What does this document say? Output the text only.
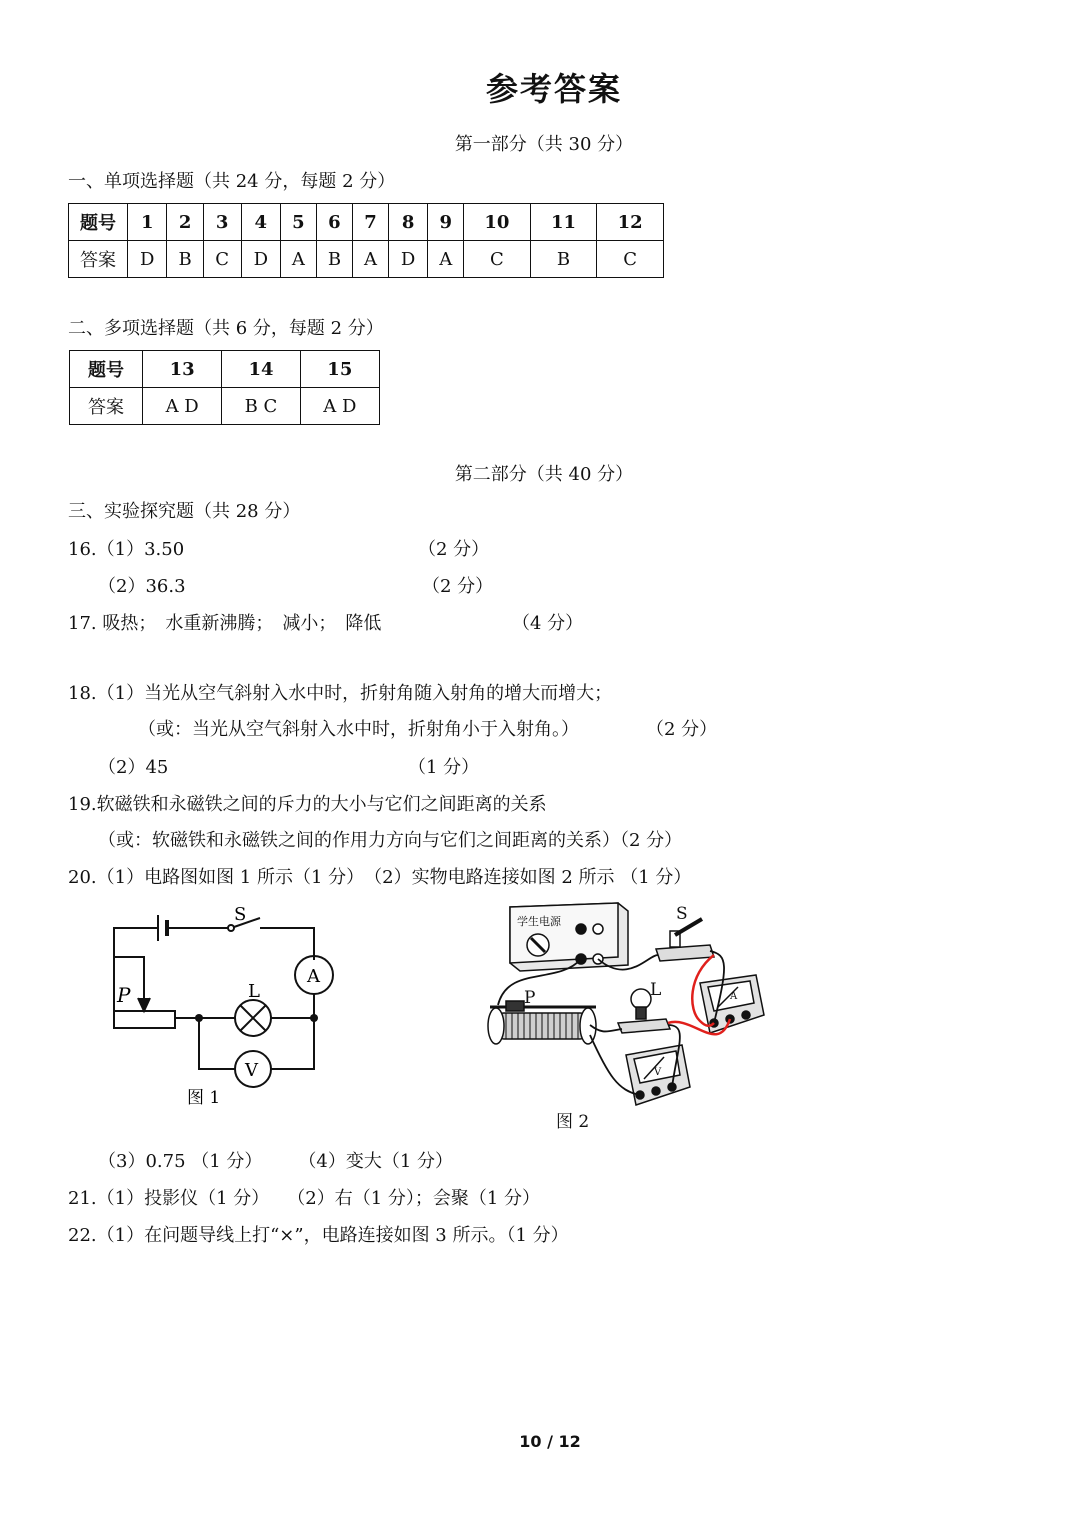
参考答案
第一部分（共 30 分）
一、单项选择题（共 24 分，每题 2 分）
题号	1	2	3	4	5	6	7	8	9	10	11	12
答案	D	B	C	D	A	B	A	D	A	C	B	C
二、多项选择题（共 6 分，每题 2 分）
题号	13	14	15
答案	A D	B C	A D
第二部分（共 40 分）
三、实验探究题（共 28 分）
16.（1）3.50	（2 分）
（2）36.3	（2 分）
17. 吸热；　水重新沸腾；　减小；　降低	（4 分）
18.（1）当光从空气斜射入水中时，折射角随入射角的增大而增大；
（或：当光从空气斜射入水中时，折射角小于入射角。）	（2 分）
（2）45	（1 分）
19.软磁铁和永磁铁之间的斥力的大小与它们之间距离的关系
（或：软磁铁和永磁铁之间的作用力方向与它们之间距离的关系）（2 分）
20.（1）电路图如图 1 所示（1 分）　（2）实物电路连接如图 2 所示 （1 分）
S
A
L
P
V
图 1
学生电源	S
L
P	A
V
图 2
（3）0.75 （1 分）　　　（4）变大（1 分）
21.（1）投影仪（1 分）　　（2）右（1 分）；会聚（1 分）
22.（1）在问题导线上打“×”，电路连接如图 3 所示。（1 分）
10 / 12
